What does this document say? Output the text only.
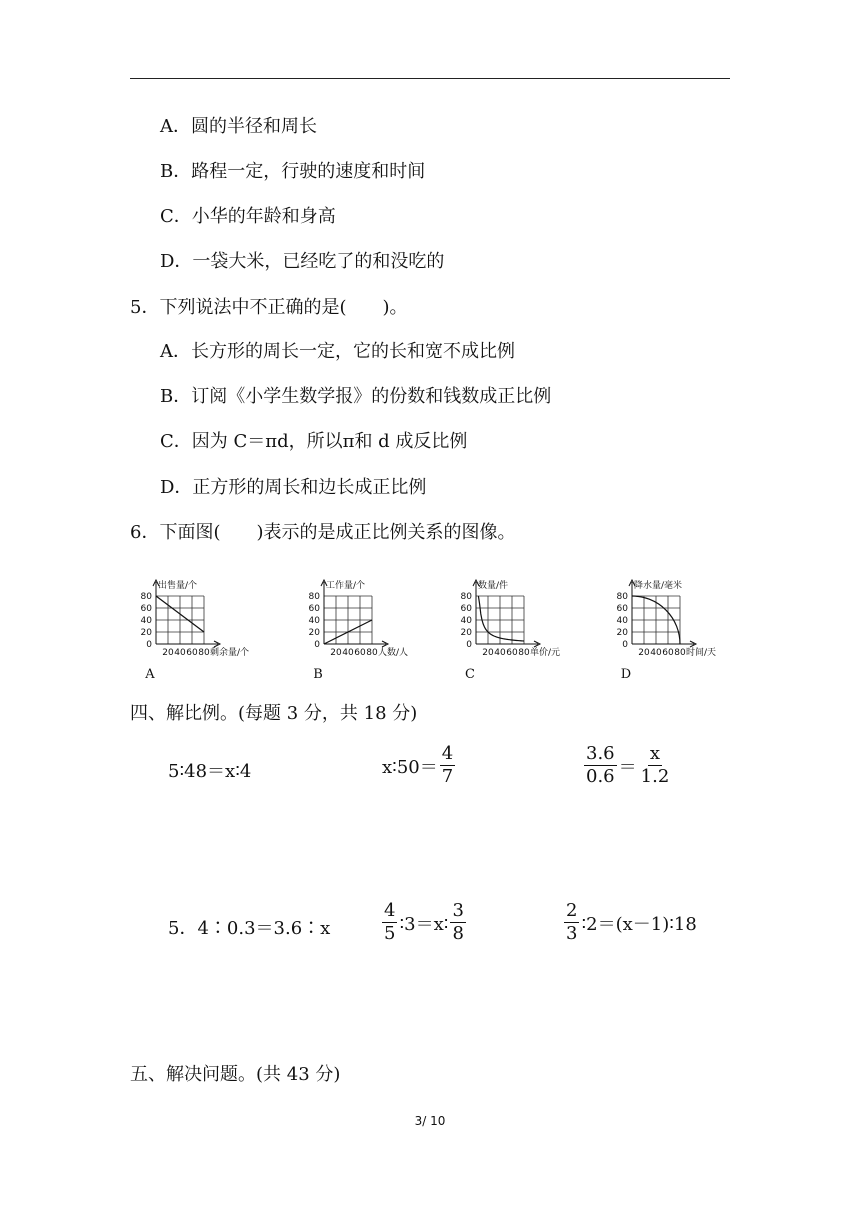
A．圆的半径和周长
B．路程一定，行驶的速度和时间
C．小华的年龄和身高
D．一袋大米，已经吃了的和没吃的
5．下列说法中不正确的是(　　)。
A．长方形的周长一定，它的长和宽不成比例
B．订阅《小学生数学报》的份数和钱数成正比例
C．因为 C＝πd，所以π和 d 成反比例
D．正方形的周长和边长成正比例
6．下面图(　　)表示的是成正比例关系的图像。
80
60
40
20
0
20 40 60 80
出售量/个
剩余量/个
A
80
60
40
20
0
20 40 60 80
工作量/个
人数/人
B
80
60
40
20
0
20 40 60 80
数量/件
单价/元
C
80
60
40
20
0
20 40 60 80
降水量/毫米
时间/天
D
四、解比例。(每题 3 分，共 18 分)
5∶48＝x∶4	x∶50＝ $\frac{4}{7}$	$\frac{3.6}{0.6} = \frac{x}{1.2}$
5．4∶0.3＝3.6∶x	$\frac{4}{5}$ ∶3＝x∶ $\frac{3}{8}$	$\frac{2}{3}$ ∶2＝(x－1)∶18
五、解决问题。(共 43 分)
3/ 10
